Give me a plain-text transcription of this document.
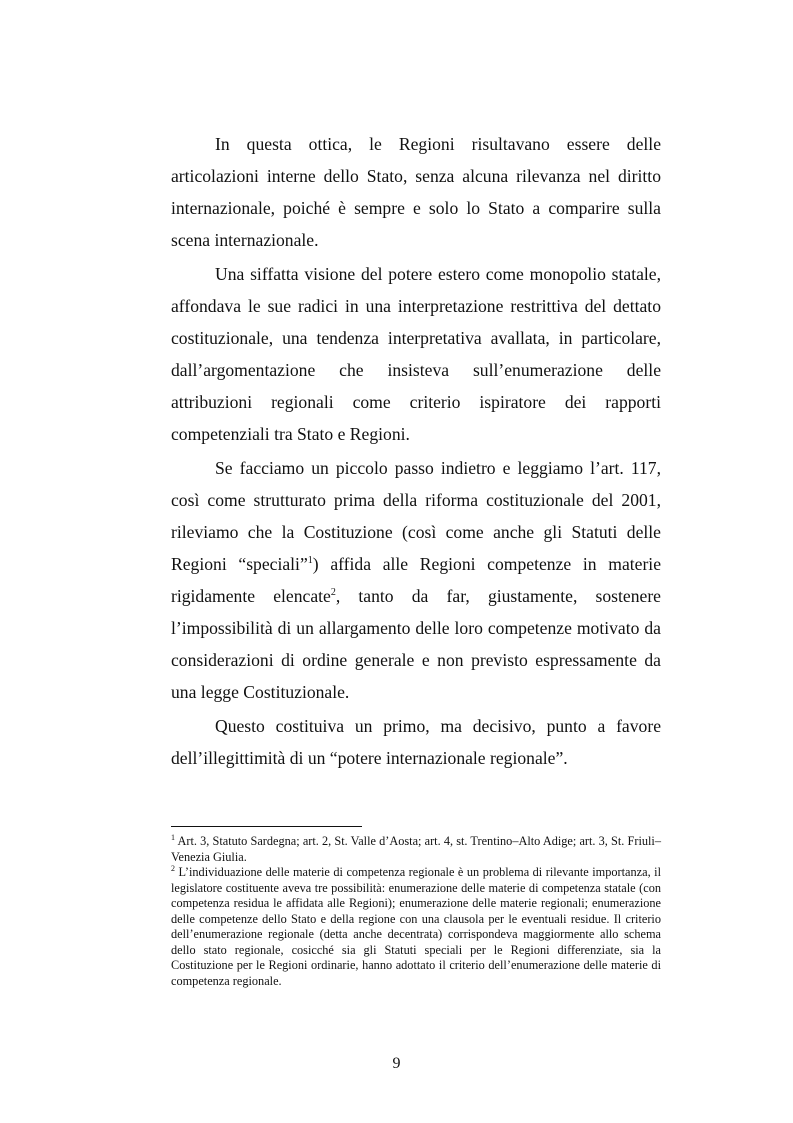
In questa ottica, le Regioni risultavano essere delle articolazioni interne dello Stato, senza alcuna rilevanza nel diritto internazionale, poiché è sempre e solo lo Stato a comparire sulla scena internazionale.

Una siffatta visione del potere estero come monopolio statale, affondava le sue radici in una interpretazione restrittiva del dettato costituzionale, una tendenza interpretativa avallata, in particolare, dall’argomentazione che insisteva sull’enumerazione delle attribuzioni regionali come criterio ispiratore dei rapporti competenziali tra Stato e Regioni.

Se facciamo un piccolo passo indietro e leggiamo l’art. 117, così come strutturato prima della riforma costituzionale del 2001, rileviamo che la Costituzione (così come anche gli Statuti delle Regioni “speciali”$^1$) affida alle Regioni competenze in materie rigidamente elencate$^2$, tanto da far, giustamente, sostenere l’impossibilità di un allargamento delle loro competenze motivato da considerazioni di ordine generale e non previsto espressamente da una legge Costituzionale.

Questo costituiva un primo, ma decisivo, punto a favore dell’illegittimità di un “potere internazionale regionale”.

$^1$ Art. 3, Statuto Sardegna; art. 2, St. Valle d’Aosta; art. 4, st. Trentino–Alto Adige; art. 3, St. Friuli–Venezia Giulia.

$^2$ L’individuazione delle materie di competenza regionale è un problema di rilevante importanza, il legislatore costituente aveva tre possibilità: enumerazione delle materie di competenza statale (con competenza residua le affidata alle Regioni); enumerazione delle materie regionali; enumerazione delle competenze dello Stato e della regione con una clausola per le eventuali residue. Il criterio dell’enumerazione regionale (detta anche decentrata) corrispondeva maggiormente allo schema dello stato regionale, cosicché sia gli Statuti speciali per le Regioni differenziate, sia la Costituzione per le Regioni ordinarie, hanno adottato il criterio dell’enumerazione delle materie di competenza regionale.

9
